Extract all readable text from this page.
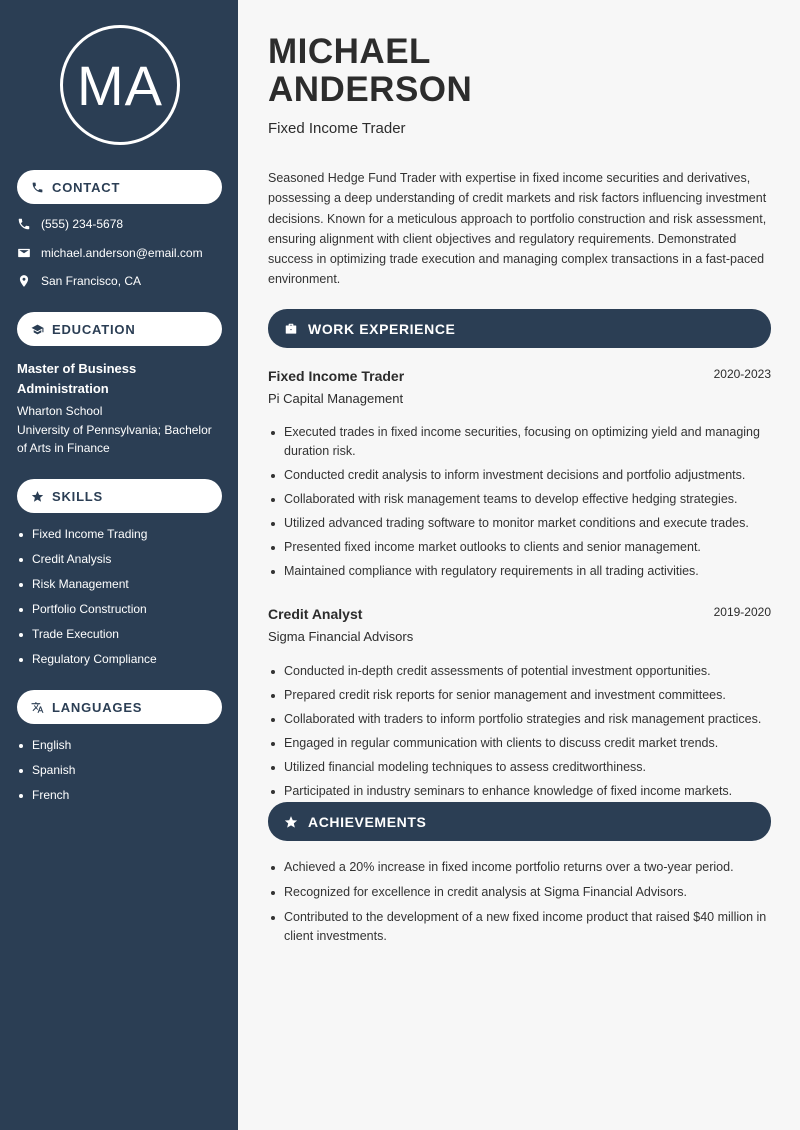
MA
CONTACT
(555) 234-5678
michael.anderson@email.com
San Francisco, CA
EDUCATION
Master of Business Administration
Wharton School
University of Pennsylvania; Bachelor of Arts in Finance
SKILLS
Fixed Income Trading
Credit Analysis
Risk Management
Portfolio Construction
Trade Execution
Regulatory Compliance
LANGUAGES
English
Spanish
French
MICHAEL
ANDERSON
Fixed Income Trader

Seasoned Hedge Fund Trader with expertise in fixed income securities and derivatives, possessing a deep understanding of credit markets and risk factors influencing investment decisions. Known for a meticulous approach to portfolio construction and risk assessment, ensuring alignment with client objectives and regulatory requirements. Demonstrated success in optimizing trade execution and managing complex transactions in a fast-paced environment.

WORK EXPERIENCE
Fixed Income Trader	2020-2023
Pi Capital Management
Executed trades in fixed income securities, focusing on optimizing yield and managing duration risk.
Conducted credit analysis to inform investment decisions and portfolio adjustments.
Collaborated with risk management teams to develop effective hedging strategies.
Utilized advanced trading software to monitor market conditions and execute trades.
Presented fixed income market outlooks to clients and senior management.
Maintained compliance with regulatory requirements in all trading activities.
Credit Analyst	2019-2020
Sigma Financial Advisors
Conducted in-depth credit assessments of potential investment opportunities.
Prepared credit risk reports for senior management and investment committees.
Collaborated with traders to inform portfolio strategies and risk management practices.
Engaged in regular communication with clients to discuss credit market trends.
Utilized financial modeling techniques to assess creditworthiness.
Participated in industry seminars to enhance knowledge of fixed income markets.
ACHIEVEMENTS
Achieved a 20% increase in fixed income portfolio returns over a two-year period.
Recognized for excellence in credit analysis at Sigma Financial Advisors.
Contributed to the development of a new fixed income product that raised $40 million in client investments.
